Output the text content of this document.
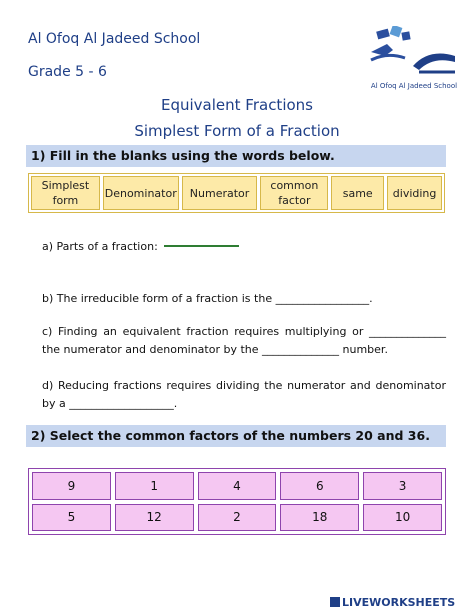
Al Ofoq Al Jadeed School
Grade 5 - 6
Al Ofoq Al Jadeed School
Equivalent Fractions
Simplest Form of a Fraction
1) Fill in the blanks using the words below.
Simplest form
Denominator	Numerator
common factor
same	dividing
a) Parts of a fraction:
b) The irreducible form of a fraction is the _________________.
c) Finding an equivalent fraction requires multiplying or ______________ the numerator and denominator by the ______________ number.
d) Reducing fractions requires dividing the numerator and denominator by a ___________________.
2) Select the common factors of the numbers 20 and 36.
9	1	4	6	3
5	12	2	18	10
LIVEWORKSHEETS
